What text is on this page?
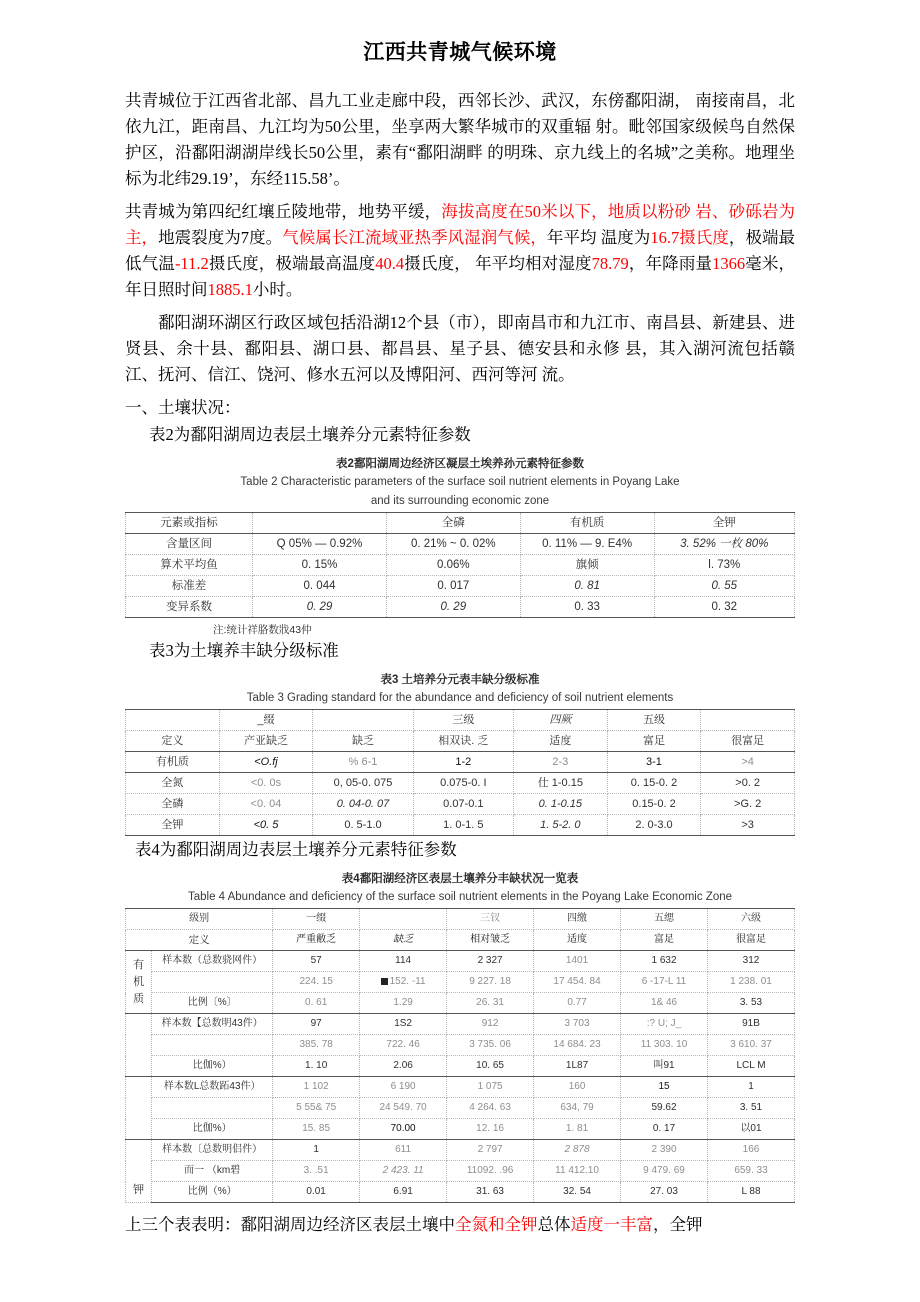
江西共青城气候环境

共青城位于江西省北部、昌九工业走廊中段，西邻长沙、武汉，东傍鄱阳湖， 南接南昌，北依九江，距南昌、九江均为50公里，坐享两大繁华城市的双重辐 射。毗邻国家级候鸟自然保护区，沿鄱阳湖湖岸线长50公里，素有“鄱阳湖畔 的明珠、京九线上的名城”之美称。地理坐标为北纬29.19’，东经115.58’。

共青城为第四纪红壤丘陵地带，地势平缓，海拔高度在50米以下，地质以粉砂 岩、砂砾岩为主，地震裂度为7度。气候属长江流域亚热季风湿润气候，年平均 温度为16.7摄氏度，极端最低气温-11.2摄氏度，极端最高温度40.4摄氏度， 年平均相对湿度78.79，年降雨量1366毫米，年日照时间1885.1小时。

鄱阳湖环湖区行政区域包括沿湖12个县（市），即南昌市和九江市、南昌县、新建县、进贤县、余十县、鄱阳县、湖口县、都昌县、星子县、德安县和永修 县，其入湖河流包括赣江、抚河、信江、饶河、修水五河以及博阳河、西河等河 流。

一、土壤状况：
表2为鄱阳湖周边表层土壤养分元素特征参数
表2鄱阳湖周边经济区凝层土埃养孙元素特征参数
Table 2 Characteristic parameters of the surface soil nutrient elements in Poyang Lake
and its surrounding economic zone
元素或指标		全磷	有机质	全钾
含量区间	Q 05% — 0.92%	0. 21% ~ 0. 02%	0. 11% — 9. E4%	3. 52% 一枚 80%
算术平均鱼	0. 15%	0.06%	旗倾	l. 73%
标准差	0. 044	0. 017	0. 81	0. 55
变异系数	0. 29	0. 29	0. 33	0. 32
注:统计祥胳数戕43仲
表3为土壤养丰缺分级标准
表3 土培养分元表丰缺分级标准
Table 3 Grading standard for the abundance and deficiency of soil nutrient elements
	_缀		三级	四厥	五级	
定义	产亚缺乏	缺乏	相双诀. 乏	适度	富足	很富足
有机质	<O.fj	% 6-1	1-2	2-3	3-1	>4
全氮	<0. 0s	0, 05-0. 075	0.075-0. I	仕 1-0.15	0. 15-0. 2	>0. 2
全磷	<0. 04	0. 04-0. 07	0.07-0.1	0. 1-0.15	0.15-0. 2	>G. 2
全钾	<0. 5	0. 5-1.0	1. 0-1. 5	1. 5-2. 0	2. 0-3.0	>3
表4为鄱阳湖周边表层土壤养分元素特征参数
表4鄱阳湖经济区表层土壤养分丰缺状况一览表
Table 4 Abundance and deficiency of the surface soil nutrient elements in the Poyang Lake Economic Zone
级别		一缀		三钗	四缴	五缌	六级
定义		严重敝乏	缺乏	相对皱乏	适度	富足	很富足
有机质	样本数（总数骁网件）	57	114	2 327	1401	1 632	312
		224. 15	152. -11	9 227. 18	17 454. 84	6 -17-L 11	1 238. 01
	比例〔%〕	0. 61	1.29	26. 31	0.77	1& 46	3. 53
	样本数【总数明43件）	97	1S2	912	3 703	:? U; J_	91B
		385. 78	722. 46	3 735. 06	14 684. 23	11 303. 10	3 610. 37
	比伽%）	1. 10	2.06	10. 65	1L87	叫91	LCL M
	样本数L总数跖43件）	1 102	6 190	1 075	160	15	1
		5 55& 75	24 549. 70	4 264. 63	634, 79	59.62	3. 51
	比伽%）	15. 85	70.00	12. 16	1. 81	0. 17	以01
钾	样本数〔总数明侣件）	1	611	2 797	2 878	2 390	166
	而一 （km碧	3. .51	2 423. 11	11092. .96	11 412.10	9 479. 69	659. 33
	比例（%）	0.01	6.91	31. 63	32. 54	27. 03	L 88

上三个表表明：鄱阳湖周边经济区表层土壤中全氮和全钾总体适度一丰富，全钾
